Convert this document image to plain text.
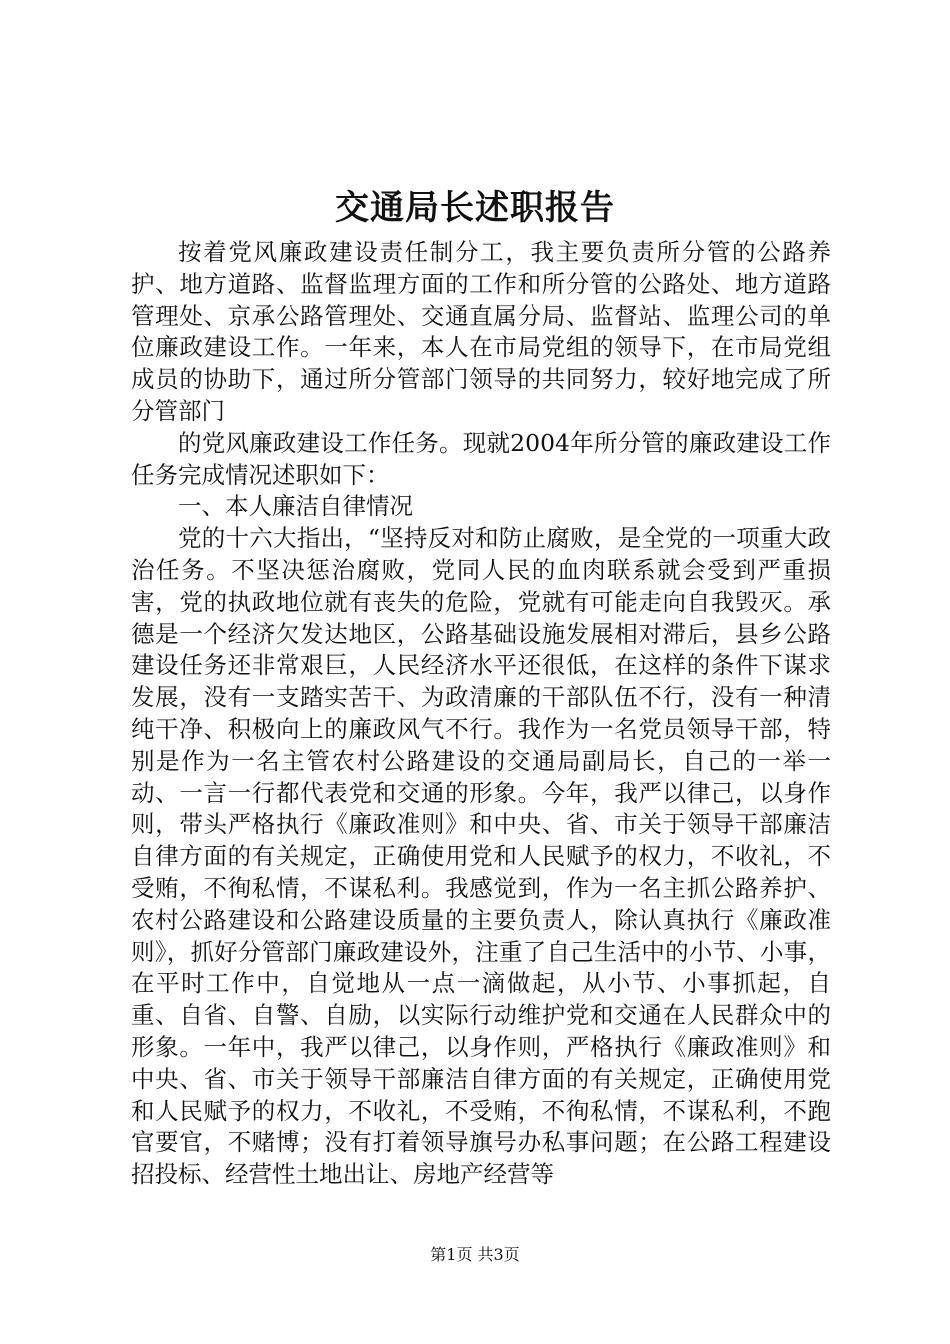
交通局长述职报告

按着党风廉政建设责任制分工，我主要负责所分管的公路养护、地方道路、监督监理方面的工作和所分管的公路处、地方道路管理处、京承公路管理处、交通直属分局、监督站、监理公司的单位廉政建设工作。一年来，本人在市局党组的领导下，在市局党组成员的协助下，通过所分管部门领导的共同努力，较好地完成了所分管部门

的党风廉政建设工作任务。现就2004年所分管的廉政建设工作任务完成情况述职如下：

一、本人廉洁自律情况

党的十六大指出，“坚持反对和防止腐败，是全党的一项重大政治任务。不坚决惩治腐败，党同人民的血肉联系就会受到严重损害，党的执政地位就有丧失的危险，党就有可能走向自我毁灭。承德是一个经济欠发达地区，公路基础设施发展相对滞后，县乡公路建设任务还非常艰巨，人民经济水平还很低，在这样的条件下谋求发展，没有一支踏实苦干、为政清廉的干部队伍不行，没有一种清纯干净、积极向上的廉政风气不行。我作为一名党员领导干部，特别是作为一名主管农村公路建设的交通局副局长，自己的一举一动、一言一行都代表党和交通的形象。今年，我严以律己，以身作则，带头严格执行《廉政准则》和中央、省、市关于领导干部廉洁自律方面的有关规定，正确使用党和人民赋予的权力，不收礼，不受贿，不徇私情，不谋私利。我感觉到，作为一名主抓公路养护、农村公路建设和公路建设质量的主要负责人，除认真执行《廉政准则》，抓好分管部门廉政建设外，注重了自己生活中的小节、小事，在平时工作中，自觉地从一点一滴做起，从小节、小事抓起，自重、自省、自警、自励，以实际行动维护党和交通在人民群众中的形象。一年中，我严以律己，以身作则，严格执行《廉政准则》和中央、省、市关于领导干部廉洁自律方面的有关规定，正确使用党和人民赋予的权力，不收礼，不受贿，不徇私情，不谋私利，不跑官要官，不赌博；没有打着领导旗号办私事问题；在公路工程建设招投标、经营性土地出让、房地产经营等

第1页 共3页
